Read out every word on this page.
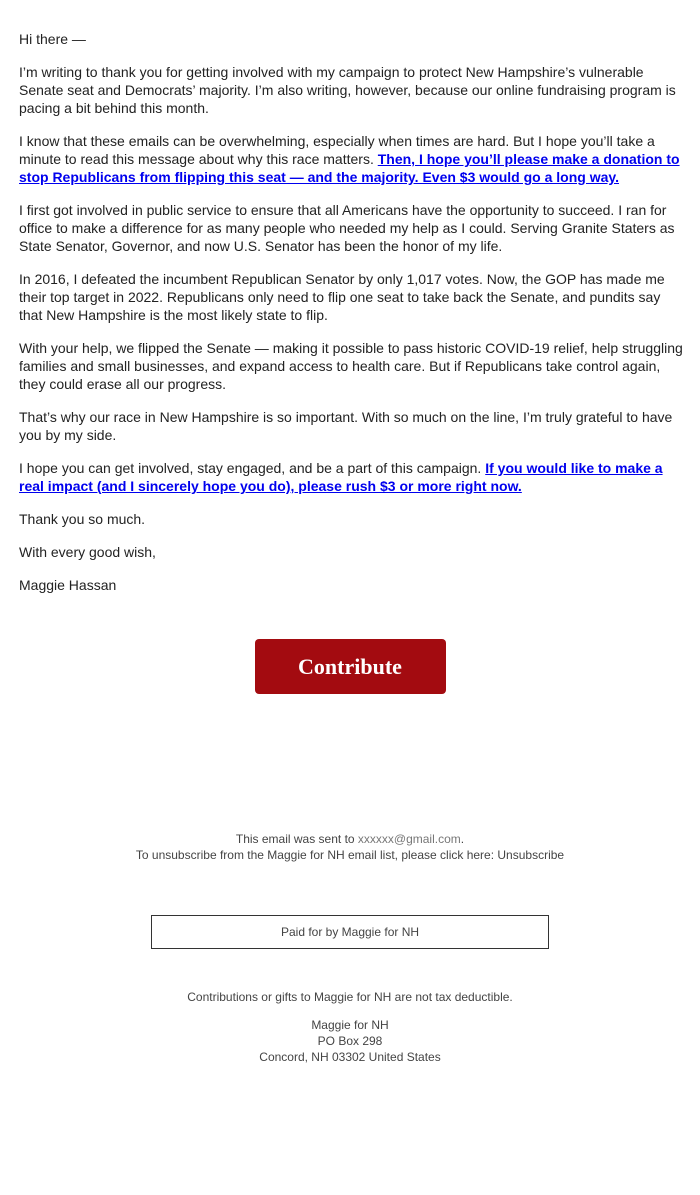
Hi there —

I’m writing to thank you for getting involved with my campaign to protect New Hampshire’s vulnerable Senate seat and Democrats’ majority. I’m also writing, however, because our online fundraising program is pacing a bit behind this month.

I know that these emails can be overwhelming, especially when times are hard. But I hope you’ll take a minute to read this message about why this race matters. Then, I hope you’ll please make a donation to stop Republicans from flipping this seat — and the majority. Even $3 would go a long way.

I first got involved in public service to ensure that all Americans have the opportunity to succeed. I ran for office to make a difference for as many people who needed my help as I could. Serving Granite Staters as State Senator, Governor, and now U.S. Senator has been the honor of my life.

In 2016, I defeated the incumbent Republican Senator by only 1,017 votes. Now, the GOP has made me their top target in 2022. Republicans only need to flip one seat to take back the Senate, and pundits say that New Hampshire is the most likely state to flip.

With your help, we flipped the Senate — making it possible to pass historic COVID-19 relief, help struggling families and small businesses, and expand access to health care. But if Republicans take control again, they could erase all our progress.

That’s why our race in New Hampshire is so important. With so much on the line, I’m truly grateful to have you by my side.

I hope you can get involved, stay engaged, and be a part of this campaign. If you would like to make a real impact (and I sincerely hope you do), please rush $3 or more right now.

Thank you so much.

With every good wish,

Maggie Hassan

Contribute
This email was sent to xxxxxx@gmail.com.
To unsubscribe from the Maggie for NH email list, please click here: Unsubscribe
Paid for by Maggie for NH
Contributions or gifts to Maggie for NH are not tax deductible.
Maggie for NH
PO Box 298
Concord, NH 03302 United States
